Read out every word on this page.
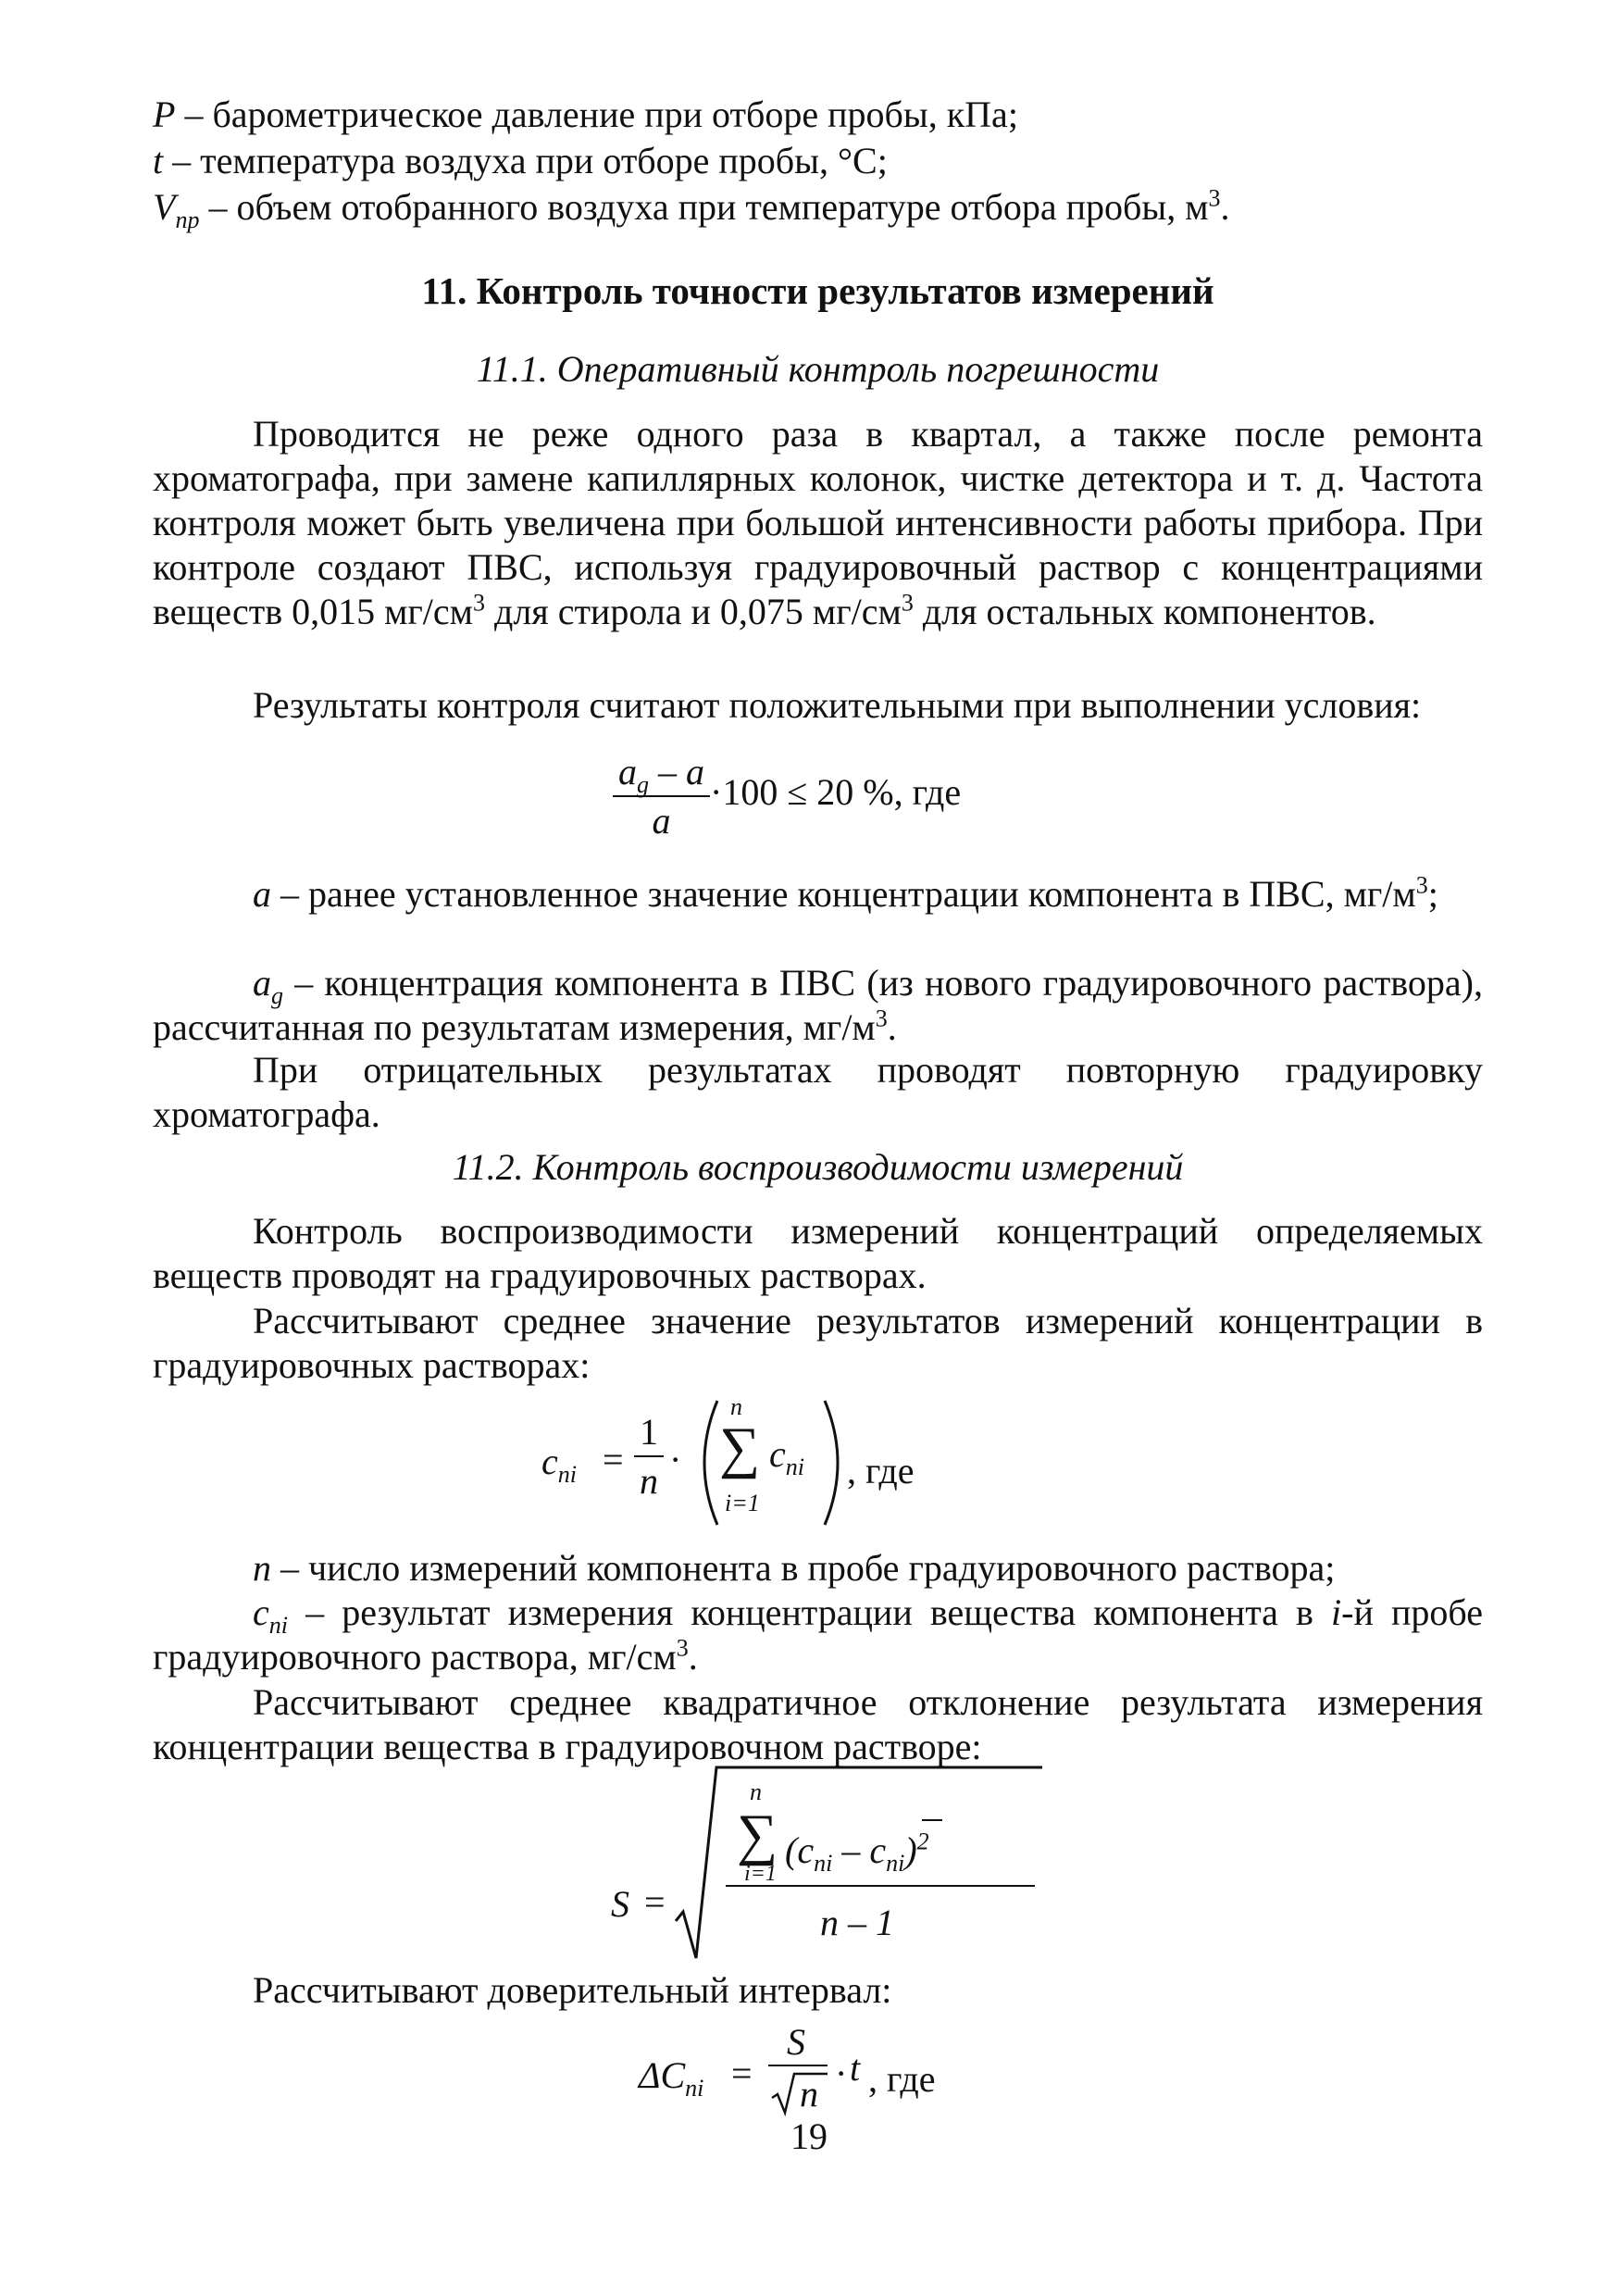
P – барометрическое давление при отборе пробы, кПа;
t – температура воздуха при отборе пробы, °С;
$V_{пр}$ – объем отобранного воздуха при температуре отбора пробы, $м^3$.
11. Контроль точности результатов измерений
11.1. Оперативный контроль погрешности
Проводится не реже одного раза в квартал, а также после ремонта хроматографа, при замене капиллярных колонок, чистке детектора и т. д. Частота контроля может быть увеличена при большой интенсивности работы прибора. При контроле создают ПВС, используя градуировочный раствор с концентрациями веществ 0,015 $мг/см^3$ для стирола и 0,075 $мг/см^3$ для остальных компонентов.
Результаты контроля считают положительными при выполнении условия:
$\frac{a_g - a}{a} \cdot 100 \le 20$ %, где
a – ранее установленное значение концентрации компонента в ПВС, $мг/м^3$;
$a_g$ – концентрация компонента в ПВС (из нового градуировочного раствора), рассчитанная по результатам измерения, $мг/м^3$.
При отрицательных результатах проводят повторную градуировку хроматографа.
11.2. Контроль воспроизводимости измерений
Контроль воспроизводимости измерений концентраций определяемых веществ проводят на градуировочных растворах.
Рассчитывают среднее значение результатов измерений концентрации в градуировочных растворах:
$c_{ni} = \frac{1}{n}$ ·
n
∑
i=1
$c_{ni}$ , где
n – число измерений компонента в пробе градуировочного раствора;
$c_{ni}$ – результат измерения концентрации вещества компонента в i-й пробе градуировочного раствора, $мг/см^3$.
Рассчитывают среднее квадратичное отклонение результата измерения концентрации вещества в градуировочном растворе:
S =
n
∑
i=1
$(c_{ni} - c_{ni})^2$
n – 1
Рассчитывают доверительный интервал:
$\Delta C_{ni}$ =
S
n · t , где
19
